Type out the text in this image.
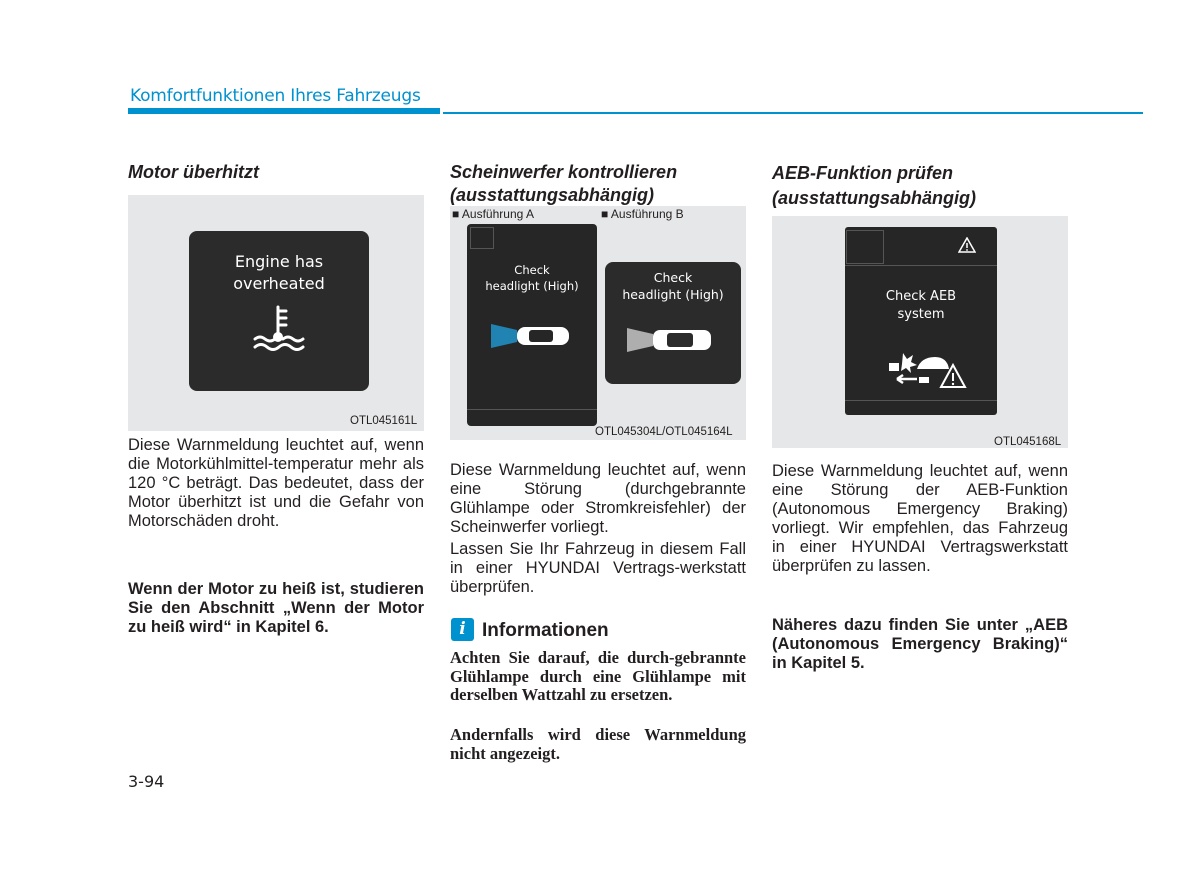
Komfortfunktionen Ihres Fahrzeugs
Motor überhitzt
Engine has
overheated
OTL045161L

Diese Warnmeldung leuchtet auf, wenn die Motorkühlmittel-temperatur mehr als 120 °C beträgt. Das bedeutet, dass der Motor überhitzt ist und die Gefahr von Motorschäden droht.

Wenn der Motor zu heiß ist, studieren Sie den Abschnitt „Wenn der Motor zu heiß wird“ in Kapitel 6.

Scheinwerfer kontrollieren
(ausstattungsabhängig)
■ Ausführung A	■ Ausführung B
Check
headlight (High)
Check
headlight (High)
OTL045304L/OTL045164L

Diese Warnmeldung leuchtet auf, wenn eine Störung (durchgebrannte Glühlampe oder Stromkreisfehler) der Scheinwerfer vorliegt.

Lassen Sie Ihr Fahrzeug in diesem Fall in einer HYUNDAI Vertrags-werkstatt überprüfen.

i Informationen

Achten Sie darauf, die durch-gebrannte Glühlampe durch eine Glühlampe mit derselben Wattzahl zu ersetzen.

Andernfalls wird diese Warnmeldung nicht angezeigt.

AEB-Funktion prüfen
(ausstattungsabhängig)
Check AEB
system
OTL045168L

Diese Warnmeldung leuchtet auf, wenn eine Störung der AEB-Funktion (Autonomous Emergency Braking) vorliegt. Wir empfehlen, das Fahrzeug in einer HYUNDAI Vertragswerkstatt überprüfen zu lassen.

Näheres dazu finden Sie unter „AEB (Autonomous Emergency Braking)“ in Kapitel 5.

3-94
